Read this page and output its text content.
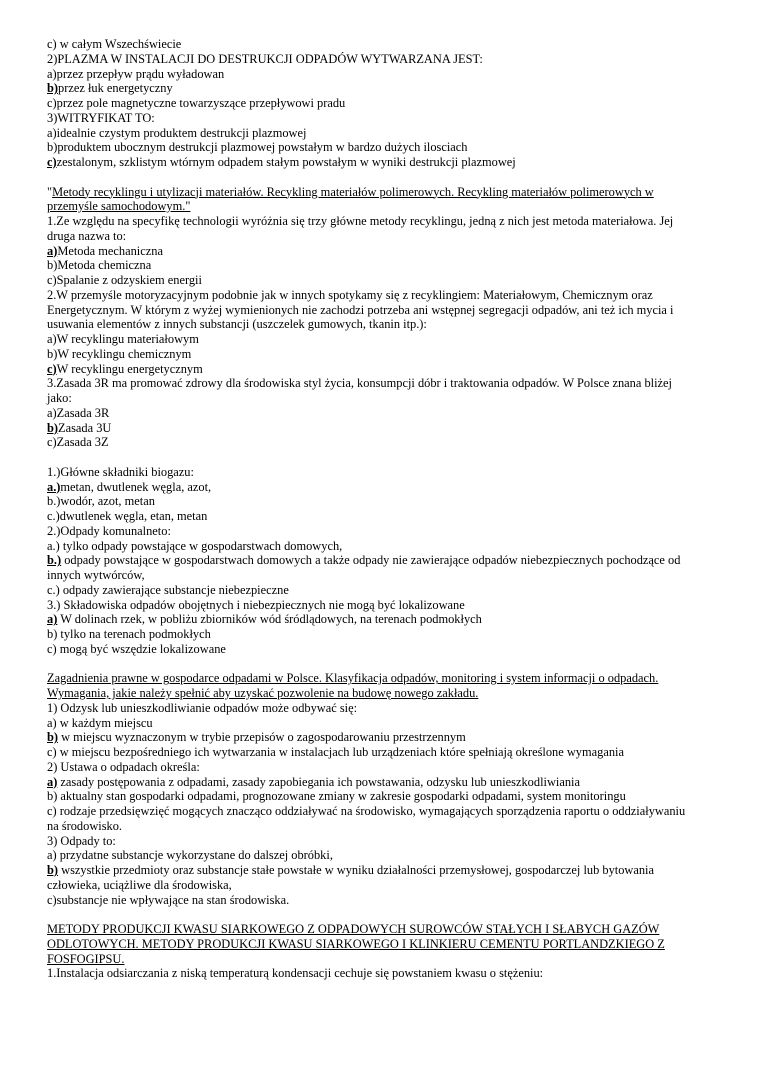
c) w całym Wszechświecie
2)PLAZMA W INSTALACJI DO DESTRUKCJI ODPADÓW WYTWARZANA JEST:
a)przez przepływ prądu wyładowan
b)przez łuk energetyczny
c)przez pole magnetyczne towarzyszące przepływowi pradu
3)WITRYFIKAT TO:
a)idealnie czystym produktem destrukcji plazmowej
b)produktem ubocznym destrukcji plazmowej powstałym w bardzo dużych ilosciach
c)zestalonym, szklistym wtórnym odpadem stałym powstałym w wyniki destrukcji plazmowej
"Metody recyklingu i utylizacji materiałów. Recykling materiałów polimerowych. Recykling materiałów polimerowych w
przemyśle samochodowym."
1.Ze względu na specyfikę technologii wyróżnia się trzy główne metody recyklingu, jedną z nich jest metoda materiałowa. Jej
druga nazwa to:
a)Metoda mechaniczna
b)Metoda chemiczna
c)Spalanie z odzyskiem energii
2.W przemyśle motoryzacyjnym podobnie jak w innych spotykamy się z recyklingiem: Materiałowym, Chemicznym oraz
Energetycznym. W którym z wyżej wymienionych nie zachodzi potrzeba ani wstępnej segregacji odpadów, ani też ich mycia i
usuwania elementów z innych substancji (uszczelek gumowych, tkanin itp.):
a)W recyklingu materiałowym
b)W recyklingu chemicznym
c)W recyklingu energetycznym
3.Zasada 3R ma promować zdrowy dla środowiska styl życia, konsumpcji dóbr i traktowania odpadów. W Polsce znana bliżej
jako:
a)Zasada 3R
b)Zasada 3U
c)Zasada 3Z
1.)Główne składniki biogazu:
a.)metan, dwutlenek węgla, azot,
b.)wodór, azot, metan
c.)dwutlenek węgla, etan, metan
2.)Odpady komunalneto:
a.) tylko odpady powstające w gospodarstwach domowych,
b.) odpady powstające w gospodarstwach domowych a także odpady nie zawierające odpadów niebezpiecznych pochodzące od
innych wytwórców,
c.) odpady zawierające substancje niebezpieczne
3.) Składowiska odpadów obojętnych i niebezpiecznych nie mogą być lokalizowane
a) W dolinach rzek, w pobliżu zbiorników wód śródlądowych, na terenach podmokłych
b) tylko na terenach podmokłych
c) mogą być wszędzie lokalizowane
Zagadnienia prawne w gospodarce odpadami w Polsce. Klasyfikacja odpadów, monitoring i system informacji o odpadach.
Wymagania, jakie należy spełnić aby uzyskać pozwolenie na budowę nowego zakładu.
1) Odzysk lub unieszkodliwianie odpadów może odbywać się:
a) w każdym miejscu
b) w miejscu wyznaczonym w trybie przepisów o zagospodarowaniu przestrzennym
c) w miejscu bezpośredniego ich wytwarzania w instalacjach lub urządzeniach które spełniają określone wymagania
2) Ustawa o odpadach określa:
a) zasady postępowania z odpadami, zasady zapobiegania ich powstawania, odzysku lub unieszkodliwiania
b) aktualny stan gospodarki odpadami, prognozowane zmiany w zakresie gospodarki odpadami, system monitoringu
c) rodzaje przedsięwzięć mogących znacząco oddziaływać na środowisko, wymagających sporządzenia raportu o oddziaływaniu
na środowisko.
3) Odpady to:
a) przydatne substancje wykorzystane do dalszej obróbki,
b) wszystkie przedmioty oraz substancje stałe powstałe w wyniku działalności przemysłowej, gospodarczej lub bytowania
człowieka, uciążliwe dla środowiska,
c)substancje nie wpływające na stan środowiska.
METODY PRODUKCJI KWASU SIARKOWEGO Z ODPADOWYCH SUROWCÓW STAŁYCH I SŁABYCH GAZÓW
ODLOTOWYCH. METODY PRODUKCJI KWASU SIARKOWEGO I KLINKIERU CEMENTU PORTLANDZKIEGO Z
FOSFOGIPSU.
1.Instalacja odsiarczania z niską temperaturą kondensacji cechuje się powstaniem kwasu o stężeniu:
